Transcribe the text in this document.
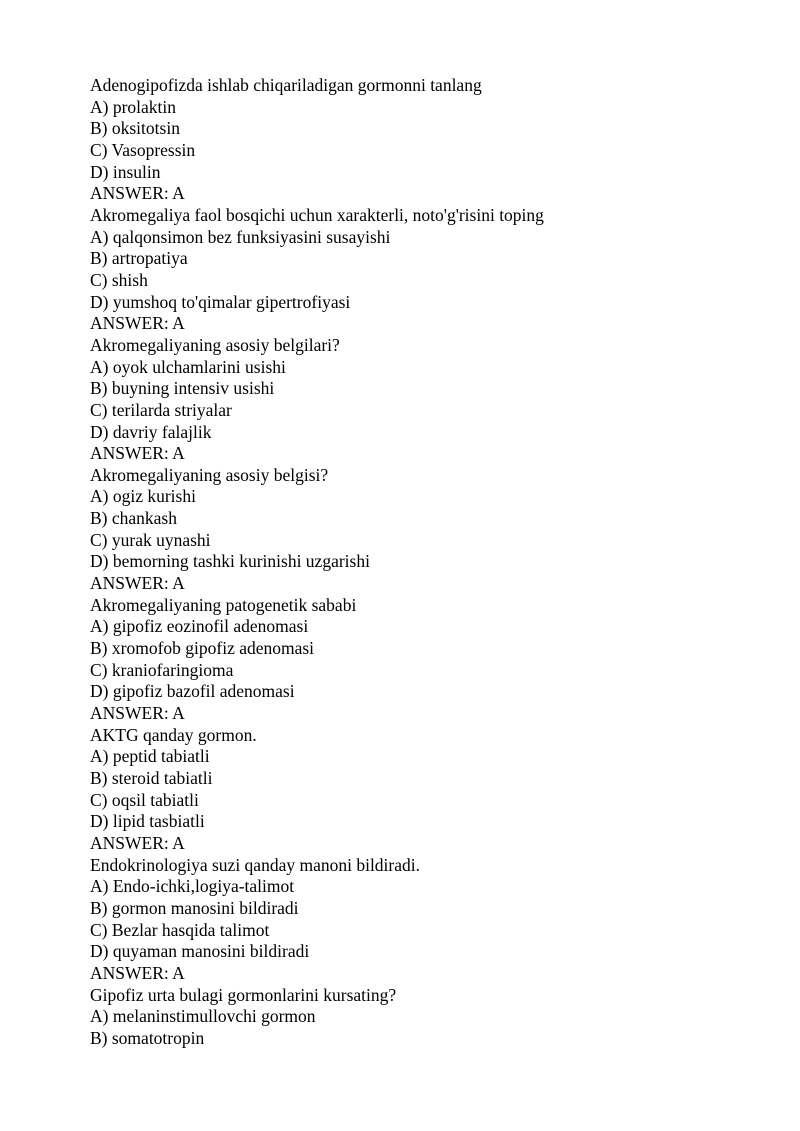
Adenogipofizda ishlab chiqariladigan gormonni tanlang
A) prolaktin
B) oksitotsin
C) Vasopressin
D) insulin
ANSWER: A
Akromegaliya faol bosqichi uchun xarakterli, noto'g'risini toping
A) qalqonsimon bez funksiyasini susayishi
B) artropatiya
C) shish
D) yumshoq to'qimalar gipertrofiyasi
ANSWER: A
Akromegaliyaning asosiy belgilari?
A) oyok ulchamlarini usishi
B) buyning intensiv usishi
C) terilarda striyalar
D) davriy falajlik
ANSWER: A
Akromegaliyaning asosiy belgisi?
A) ogiz kurishi
B) chankash
C) yurak uynashi
D) bemorning tashki kurinishi uzgarishi
ANSWER: A
Akromegaliyaning patogenetik sababi
A) gipofiz eozinofil adenomasi
B) xromofob gipofiz adenomasi
C) kraniofaringioma
D) gipofiz bazofil adenomasi
ANSWER: A
AKTG qanday gormon.
A) peptid tabiatli
B) steroid tabiatli
C) oqsil tabiatli
D) lipid tasbiatli
ANSWER: A
Endokrinologiya suzi qanday manoni bildiradi.
A) Endo-ichki,logiya-talimot
B) gormon manosini bildiradi
C) Bezlar hasqida talimot
D) quyaman manosini bildiradi
ANSWER: A
Gipofiz urta bulagi gormonlarini kursating?
A) melaninstimullovchi gormon
B) somatotropin
